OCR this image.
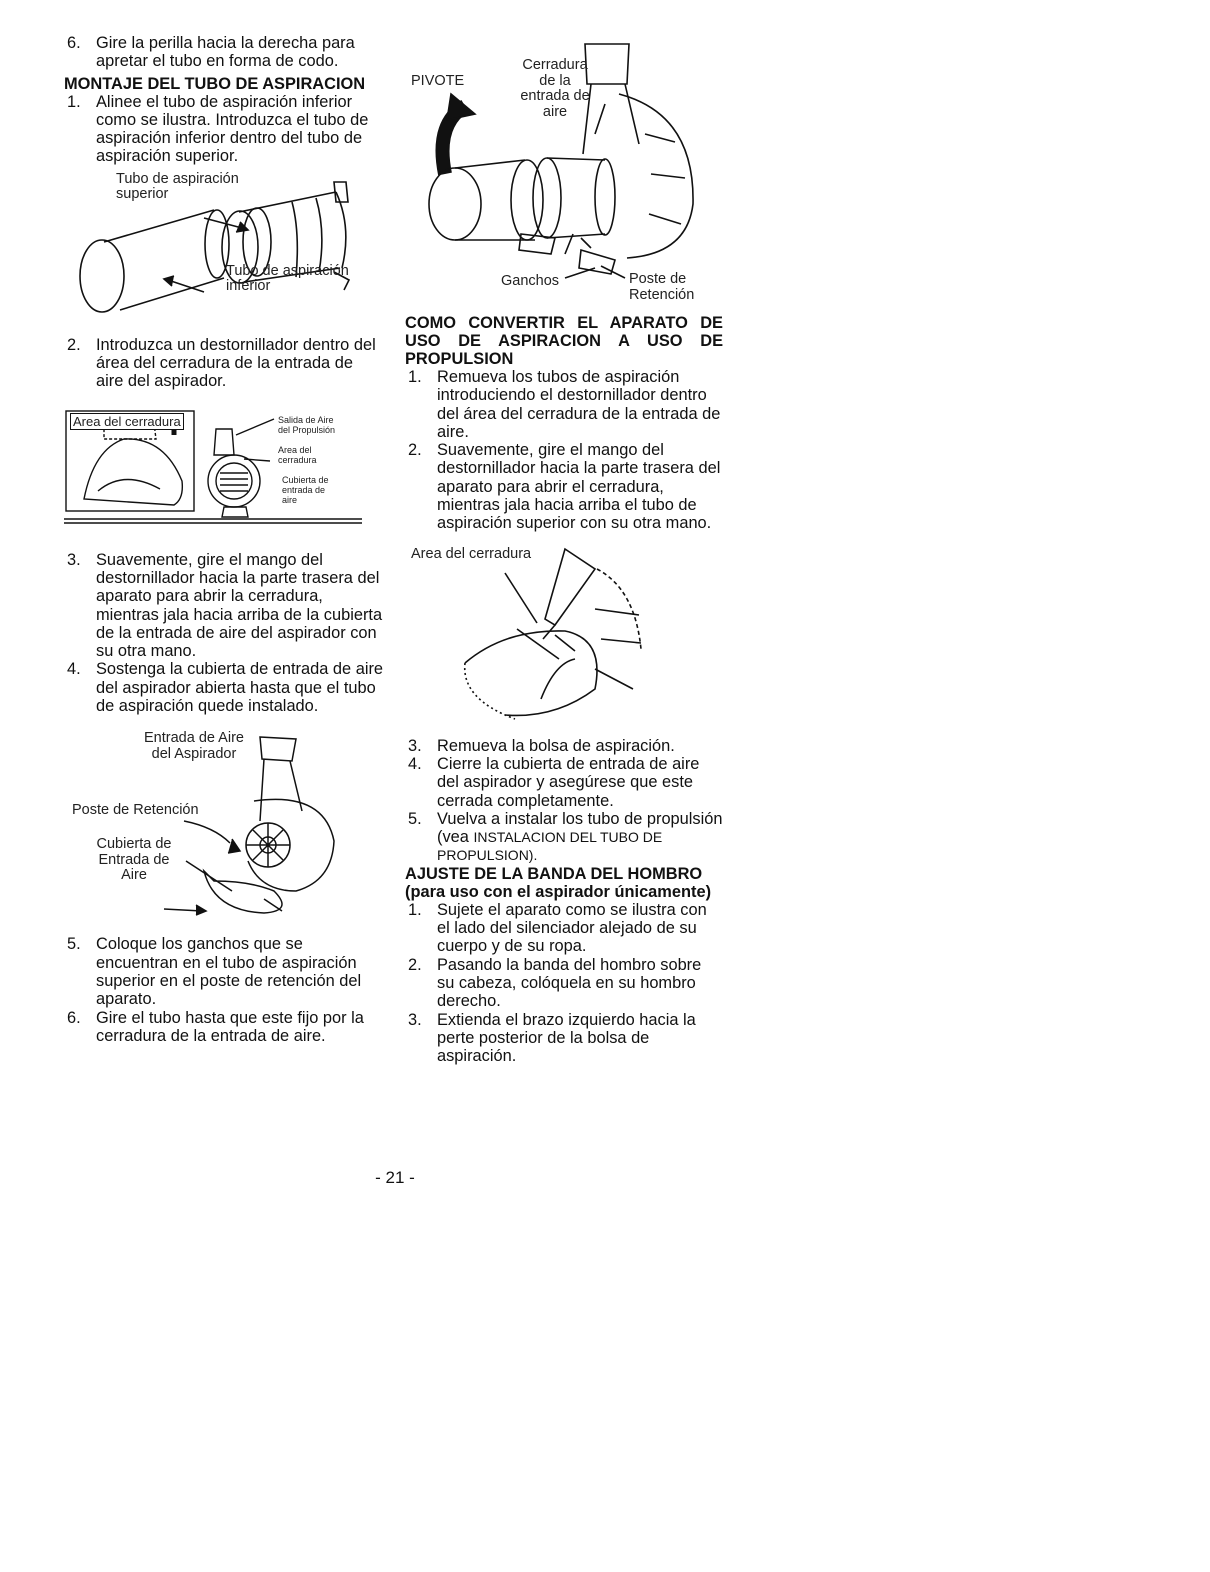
6. Gire la perilla hacia la derecha para apretar el tubo en forma de codo.
MONTAJE DEL TUBO DE ASPIRACION
1. Alinee el tubo de aspiración inferior como se ilustra. Introduzca el tubo de aspiración inferior dentro del tubo de aspiración superior.
Tubo de aspiración
superior
Tubo de aspiración
inferior
2. Introduzca un destornillador dentro del área del cerradura de la entrada de aire del aspirador.
Area del cerradura	Salida de Aire
del Propulsión
Area del
cerradura
Cubierta de
entrada de
aire
3. Suavemente, gire el mango del destornillador hacia la parte trasera del aparato para abrir la cerradura, mientras jala hacia arriba de la cubierta de la entrada de aire del aspirador con su otra mano.
4. Sostenga la cubierta de entrada de aire del aspirador abierta hasta que el tubo de aspiración quede instalado.
Entrada de Aire
del Aspirador
Poste de Retención
Cubierta de
Entrada de
Aire
5. Coloque los ganchos que se encuentran en el tubo de aspiración superior en el poste de retención del aparato.
6. Gire el tubo hasta que este fijo por la cerradura de la entrada de aire.
PIVOTE
Cerradura
de la
entrada de
aire
Ganchos	Poste de
Retención
COMO CONVERTIR EL APARATO DE USO DE ASPIRACION A USO DE PROPULSION
1. Remueva los tubos de aspiración introduciendo el destornillador dentro del área del cerradura de la entrada de aire.
2. Suavemente, gire el mango del destornillador hacia la parte trasera del aparato para abrir el cerradura, mientras jala hacia arriba el tubo de aspiración superior con su otra mano.
Area del cerradura
3. Remueva la bolsa de aspiración.
4. Cierre la cubierta de entrada de aire del aspirador y asegúrese que este cerrada completamente.
5. Vuelva a instalar los tubo de propulsión (vea INSTALACION DEL TUBO DE PROPULSION).
AJUSTE DE LA BANDA DEL HOMBRO
(para uso con el aspirador únicamente)
1. Sujete el aparato como se ilustra con el lado del silenciador alejado de su cuerpo y de su ropa.
2. Pasando la banda del hombro sobre su cabeza, colóquela en su hombro derecho.
3. Extienda el brazo izquierdo hacia la perte posterior de la bolsa de aspiración.
- 21 -
